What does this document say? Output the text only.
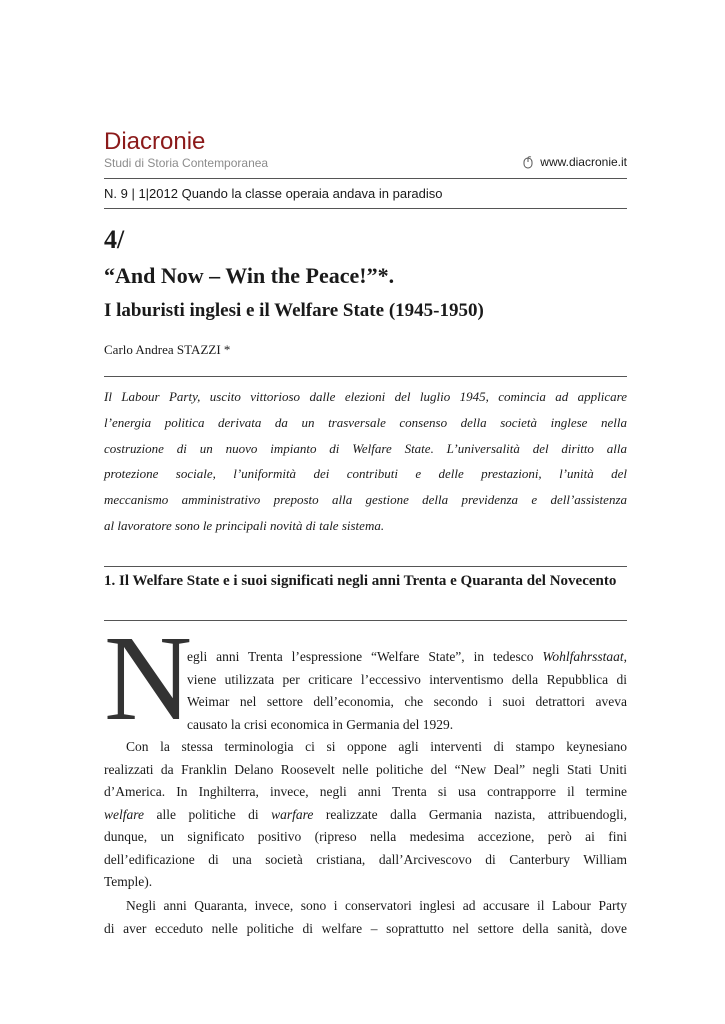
Diacronie
Studi di Storia Contemporanea	www.diacronie.it
N. 9 | 1|2012 Quando la classe operaia andava in paradiso
4/
“And Now – Win the Peace!”*.
I laburisti inglesi e il Welfare State (1945-1950)
Carlo Andrea STAZZI *
Il Labour Party, uscito vittorioso dalle elezioni del luglio 1945, comincia ad applicare
l’energia politica derivata da un trasversale consenso della società inglese nella
costruzione di un nuovo impianto di Welfare State. L’universalità del diritto alla
protezione sociale, l’uniformità dei contributi e delle prestazioni, l’unità del
meccanismo amministrativo preposto alla gestione della previdenza e dell’assistenza
al lavoratore sono le principali novità di tale sistema.
1. Il Welfare State e i suoi significati negli anni Trenta e Quaranta del Novecento
N
egli anni Trenta l’espressione “Welfare State”, in tedesco Wohlfahrsstaat,
viene utilizzata per criticare l’eccessivo interventismo della Repubblica di
Weimar nel settore dell’economia, che secondo i suoi detrattori aveva
causato la crisi economica in Germania del 1929.
Con la stessa terminologia ci si oppone agli interventi di stampo keynesiano
realizzati da Franklin Delano Roosevelt nelle politiche del “New Deal” negli Stati Uniti
d’America. In Inghilterra, invece, negli anni Trenta si usa contrapporre il termine
welfare alle politiche di warfare realizzate dalla Germania nazista, attribuendogli,
dunque, un significato positivo (ripreso nella medesima accezione, però ai fini
dell’edificazione di una società cristiana, dall’Arcivescovo di Canterbury William
Temple).
Negli anni Quaranta, invece, sono i conservatori inglesi ad accusare il Labour Party
di aver ecceduto nelle politiche di welfare – soprattutto nel settore della sanità, dove
